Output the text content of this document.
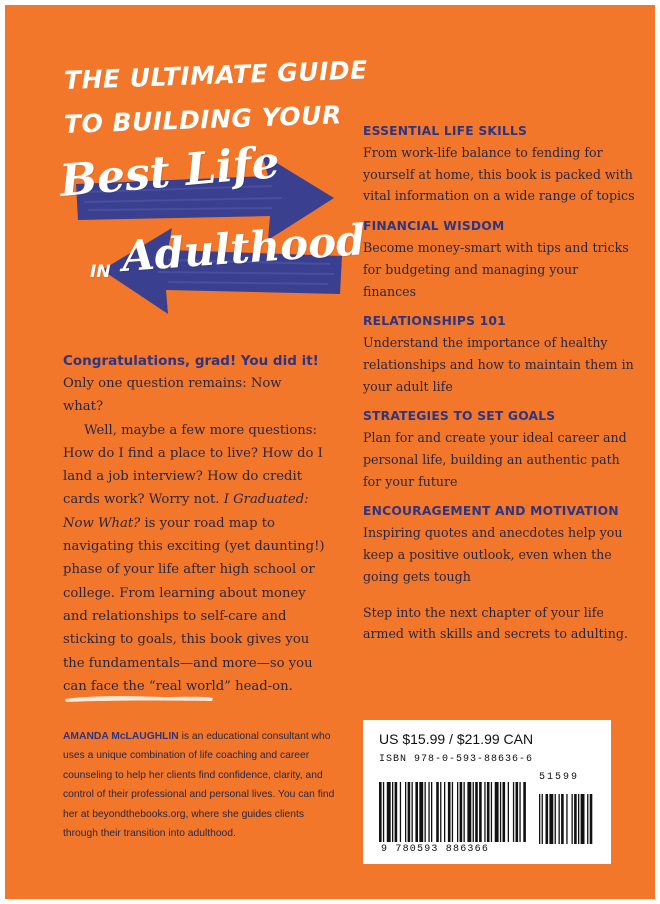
THE ULTIMATE GUIDE
TO BUILDING YOUR
Best Life
IN Adulthood
Congratulations, grad! You did it!

Only one question remains: Now what?

Well, maybe a few more questions: How do I find a place to live? How do I land a job interview? How do credit cards work? Worry not. I Graduated: Now What? is your road map to navigating this exciting (yet daunting!) phase of your life after high school or college. From learning about money and relationships to self-care and sticking to goals, this book gives you the fundamentals—and more—so you can face the “real world” head-on.

AMANDA McLAUGHLIN is an educational consultant who uses a unique combination of life coaching and career counseling to help her clients find confidence, clarity, and control of their professional and personal lives. You can find her at beyondthebooks.org, where she guides clients through their transition into adulthood.
ESSENTIAL LIFE SKILLS

From work-life balance to fending for yourself at home, this book is packed with vital information on a wide range of topics

FINANCIAL WISDOM

Become money-smart with tips and tricks for budgeting and managing your finances

RELATIONSHIPS 101

Understand the importance of healthy relationships and how to maintain them in your adult life

STRATEGIES TO SET GOALS

Plan for and create your ideal career and personal life, building an authentic path for your future

ENCOURAGEMENT AND MOTIVATION

Inspiring quotes and anecdotes help you keep a positive outlook, even when the going gets tough

Step into the next chapter of your life armed with skills and secrets to adulting.

US $15.99 / $21.99 CAN
ISBN 978-0-593-88636-6
51599
9 780593 886366
